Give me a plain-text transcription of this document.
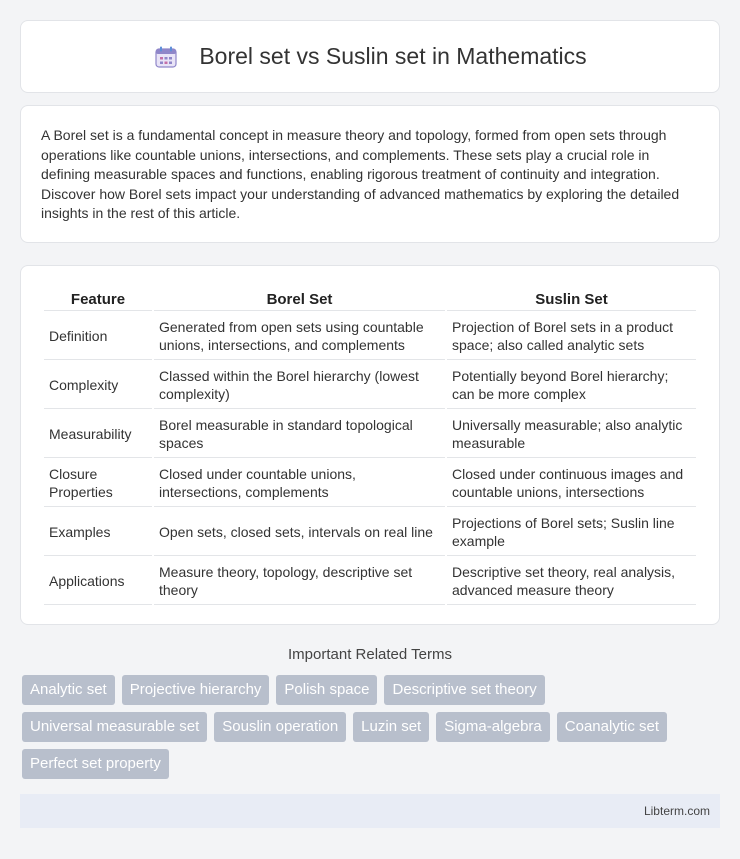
Borel set vs Suslin set in Mathematics

A Borel set is a fundamental concept in measure theory and topology, formed from open sets through operations like countable unions, intersections, and complements. These sets play a crucial role in defining measurable spaces and functions, enabling rigorous treatment of continuity and integration. Discover how Borel sets impact your understanding of advanced mathematics by exploring the detailed insights in the rest of this article.

Feature	Borel Set	Suslin Set
Definition	Generated from open sets using countable unions, intersections, and complements	Projection of Borel sets in a product space; also called analytic sets
Complexity	Classed within the Borel hierarchy (lowest complexity)	Potentially beyond Borel hierarchy; can be more complex
Measurability	Borel measurable in standard topological spaces	Universally measurable; also analytic measurable
Closure Properties	Closed under countable unions, intersections, complements	Closed under continuous images and countable unions, intersections
Examples	Open sets, closed sets, intervals on real line	Projections of Borel sets; Suslin line example
Applications	Measure theory, topology, descriptive set theory	Descriptive set theory, real analysis, advanced measure theory
Important Related Terms
Analytic set	Projective hierarchy	Polish space	Descriptive set theory
Universal measurable set	Souslin operation	Luzin set	Sigma-algebra	Coanalytic set
Perfect set property
Libterm.com
